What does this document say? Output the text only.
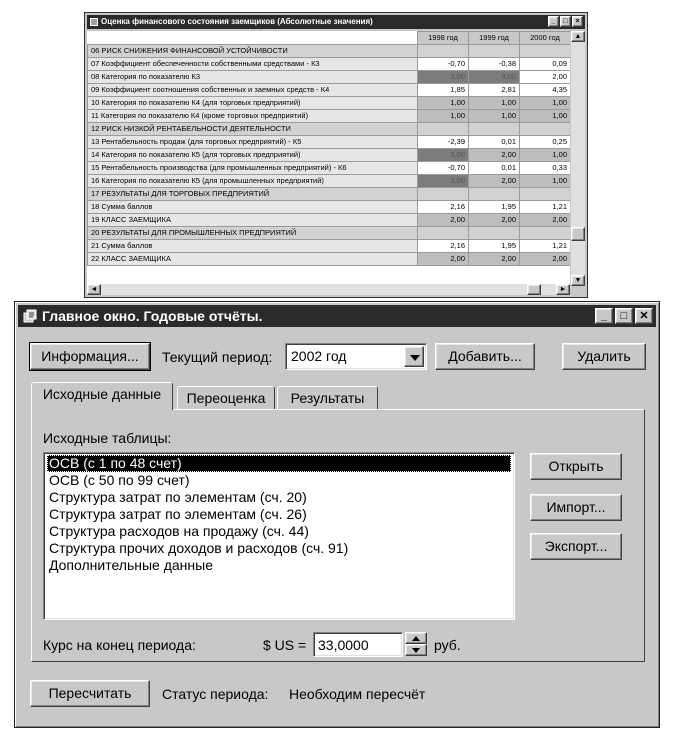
Оценка финансового состояния заемщиков (Абсолютные значения)	_	□	×
	1998 год	1999 год	2000 год
06 РИСК СНИЖЕНИЯ ФИНАНСОВОЙ УСТОЙЧИВОСТИ			
07 Коэффициент обеспеченности собственными средствами - К3	-0,70	-0,38	0,09
08 Категория по показателю К3	3,00	3,00	2,00
09 Коэффициент соотношения собственных и заемных средств - К4	1,85	2,81	4,35
10 Категория по показателю К4 (для торговых предприятий)	1,00	1,00	1,00
11 Категория по показателю К4 (кроме торговых предприятий)	1,00	1,00	1,00
12 РИСК НИЗКОЙ РЕНТАБЕЛЬНОСТИ ДЕЯТЕЛЬНОСТИ			
13 Рентабельность продаж (для торговых предприятий) - К5	-2,39	0,01	0,25
14 Категория по показателю К5 (для торговых предприятий)	3,00	2,00	1,00
15 Рентабельность производства (для промышленных предприятий) - К6	-0,70	0,01	0,33
16 Категория по показателю К5 (для промышленных предприятий)	3,00	2,00	1,00
17 РЕЗУЛЬТАТЫ ДЛЯ ТОРГОВЫХ ПРЕДПРИЯТИЙ			
18 Сумма баллов	2,16	1,95	1,21
19 КЛАСС ЗАЕМЩИКА	2,00	2,00	2,00
20 РЕЗУЛЬТАТЫ ДЛЯ ПРОМЫШЛЕННЫХ ПРЕДПРИЯТИЙ			
21 Сумма баллов	2,16	1,95	1,21
22 КЛАСС ЗАЕМЩИКА	2,00	2,00	2,00
▲
▼
◄	►
Главное окно. Годовые отчёты.	_	□	✕
Информация...	Текущий период: 2002 год	Добавить...	Удалить
Исходные данные	Переоценка	Результаты
Исходные таблицы:
ОСВ (с 1 по 48 счет)
ОСВ (с 50 по 99 счет)
Структура затрат по элементам (сч. 20)
Структура затрат по элементам (сч. 26)
Структура расходов на продажу (сч. 44)
Структура прочих доходов и расходов (сч. 91)
Дополнительные данные
Открыть
Импорт...
Экспорт...
Курс на конец периода:	$ US = 33,0000	руб.
Пересчитать	Статус периода: Необходим пересчёт
